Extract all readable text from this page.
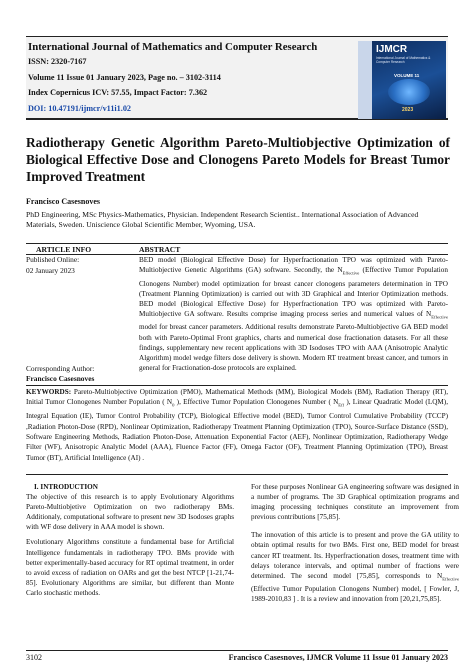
International Journal of Mathematics and Computer Research
ISSN: 2320-7167
Volume 11 Issue 01 January 2023, Page no. – 3102-3114
Index Copernicus ICV: 57.55, Impact Factor: 7.362
DOI: 10.47191/ijmcr/v11i1.02
IJMCR
International Journal of Mathematics & Computer Research
VOLUME 11
2023
Radiotherapy Genetic Algorithm Pareto-Multiobjective Optimization of Biological Effective Dose and Clonogens Pareto Models for Breast Tumor Improved Treatment
Francisco Casesnoves
PhD Engineering, MSc Physics-Mathematics, Physician. Independent Research Scientist.. International Association of Advanced Materials, Sweden. Uniscience Global Scientific Member, Wyoming, USA.
ARTICLE INFO	ABSTRACT
Published Online:
02 January 2023
Corresponding Author:
Francisco Casesnoves
BED model (Biological Effective Dose) for Hyperfractionation TPO was optimized with Pareto-Multiobjective Genetic Algorithms (GA) software. Secondly, the $N_{Effective}$ (Effective Tumor Population Clonogens Number) model optimization for breast cancer clonogens parameters determination in TPO (Treatment Planning Optimization) is carried out with 3D Graphical and Interior Optimization methods. BED model (Biological Effective Dose) for Hyperfractionation TPO was optimized with Pareto-Multiobjective GA software. Results comprise imaging process series and numerical values of $N_{Effective}$ model for breast cancer parameters. Additional results demonstrate Pareto-Multiobjective GA BED model both with Pareto-Optimal Front graphics, charts and numerical dose fractionation datasets. For all these findings, supplementary new recent applications with 3D Isodoses TPO with AAA (Anisotropic Analytic Algorithm) model wedge filters dose delivery is shown. Modern RT treatment breast cancer, and tumors in general for Fractionation-dose protocols are explained.
KEYWORDS: Pareto-Multiobjective Optimization (PMO), Mathematical Methods (MM), Biological Models (BM), Radiation Therapy (RT), Initial Tumor Clonogenes Number Population ( $N_0$ ), Effective Tumor Population Clonogenes Number ( $N_{Eff}$ ), Linear Quadratic Model (LQM), Integral Equation (IE), Tumor Control Probability (TCP), Biological Effective model (BED), Tumor Control Cumulative Probability (TCCP) ,Radiation Photon-Dose (RPD), Nonlinear Optimization, Radiotherapy Treatment Planning Optimization (TPO), Source-Surface Distance (SSD), Software Engineering Methods, Radiation Photon-Dose, Attenuation Exponential Factor (AEF), Nonlinear Optimization, Radiotherapy Wedge Filter (WF), Anisotropic Analytic Model (AAA), Fluence Factor (FF), Omega Factor (OF), Treatment Planning Optimization (TPO), Breast Tumor (BT), Artificial Intelligence (AI) .
I. INTRODUCTION
The objective of this research is to apply Evolutionary Algorithms Pareto-Multiobjetive Optimization on two radiotherapy BMs. Additionaly, computational software to present new 3D Isodoses graphs with WF dose delivery in AAA model is shown.
Evolutionary Algorithms constitute a fundamental base for Artificial Intelligence fundamentals in radiotherapy TPO. BMs provide with better experimentally-based accuracy for RT optimal treatment, in order to avoid excess of radiation on OARs and get the best NTCP [1-21,74-85]. Evolutionary Algorithms are similar, but different than Monte Carlo stochastic methods.
For these purposes Nonlinear GA engineering software was designed in a number of programs. The 3D Graphical optimization programs and imaging processing techniques constitute an improvement from previous contributions [75,85].
The innovation of this article is to present and prove the GA utility to obtain optimal results for two BMs. First one, BED model for breast cancer RT treatment. Its. Hyperfractionation doses, treatment time with delays tolerance intervals, and optimal number of fractions were determined. The second model [75,85], corresponds to $N_{Effective}$ (Effective Tumor Population Clonogens Number) model, [ Fowler, J, 1989-2010,83 ] . It is a review and innovation from [20,21,75,85].
3102	Francisco Casesnoves, IJMCR Volume 11 Issue 01 January 2023
